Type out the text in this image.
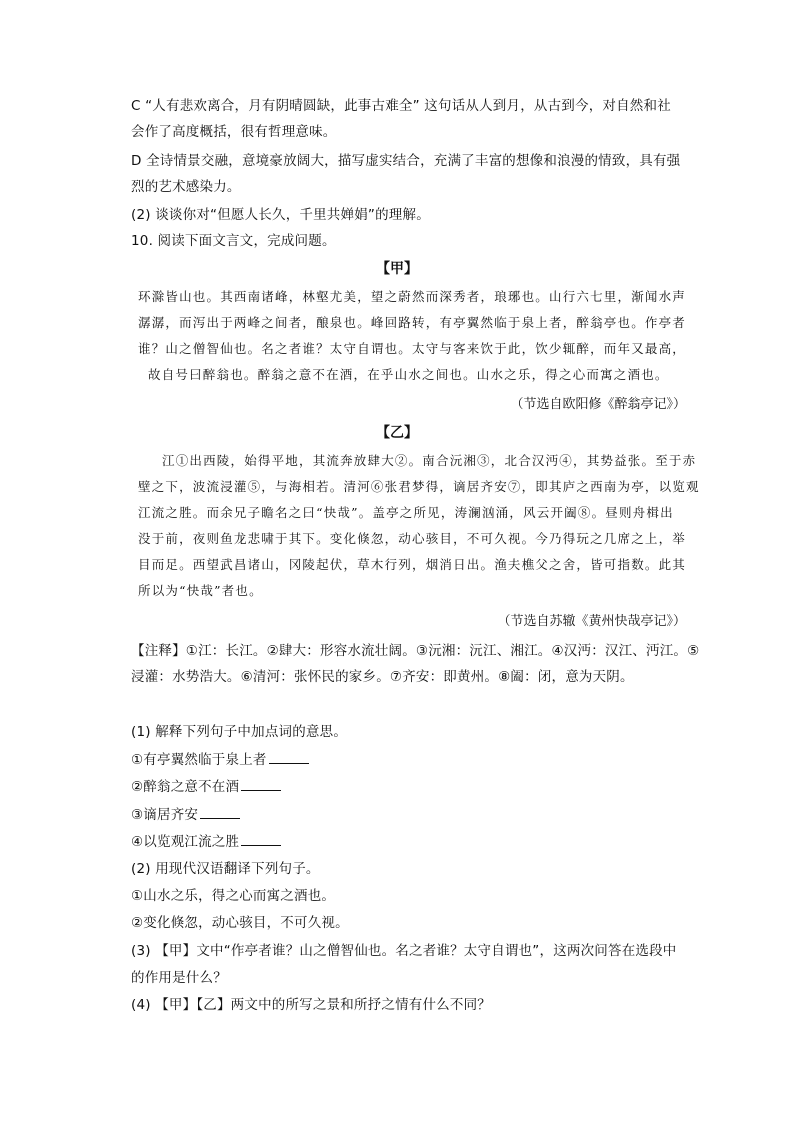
C “人有悲欢离合，月有阴晴圆缺，此事古难全” 这句话从人到月，从古到今，对自然和社
会作了高度概括，很有哲理意味。
D 全诗情景交融，意境豪放阔大，描写虚实结合，充满了丰富的想像和浪漫的情致，具有强
烈的艺术感染力。
(2) 谈谈你对“但愿人长久，千里共婵娟”的理解。
10. 阅读下面文言文，完成问题。
【甲】
环滁皆山也。其西南诸峰，林壑尤美，望之蔚然而深秀者，琅琊也。山行六七里，渐闻水声
潺潺，而泻出于两峰之间者，酿泉也。峰回路转，有亭翼然临于泉上者，醉翁亭也。作亭者
谁？山之僧智仙也。名之者谁？太守自谓也。太守与客来饮于此，饮少辄醉，而年又最高，
故自号曰醉翁也。醉翁之意不在酒，在乎山水之间也。山水之乐，得之心而寓之酒也。
（节选自欧阳修《醉翁亭记》）
【乙】
江①出西陵，始得平地，其流奔放肆大②。南合沅湘③，北合汉沔④，其势益张。至于赤
壁之下，波流浸灌⑤，与海相若。清河⑥张君梦得，谪居齐安⑦，即其庐之西南为亭，以览观
江流之胜。而余兄子瞻名之曰“快哉”。盖亭之所见，涛澜汹涌，风云开阖⑧。昼则舟楫出
没于前，夜则鱼龙悲啸于其下。变化倏忽，动心骇目，不可久视。今乃得玩之几席之上，举
目而足。西望武昌诸山，冈陵起伏，草木行列，烟消日出。渔夫樵父之舍，皆可指数。此其
所以为“快哉”者也。
（节选自苏辙《黄州快哉亭记》）
【注释】①江：长江。②肆大：形容水流壮阔。③沅湘：沅江、湘江。④汉沔：汉江、沔江。⑤
浸灌：水势浩大。⑥清河：张怀民的家乡。⑦齐安：即黄州。⑧阖：闭，意为天阴。
(1) 解释下列句子中加点词的意思。
①有亭翼然临于泉上者
②醉翁之意不在酒
③谪居齐安
④以览观江流之胜
(2) 用现代汉语翻译下列句子。
①山水之乐，得之心而寓之酒也。
②变化倏忽，动心骇目，不可久视。
(3) 【甲】文中“作亭者谁？山之僧智仙也。名之者谁？太守自谓也”，这两次问答在选段中
的作用是什么？
(4) 【甲】【乙】两文中的所写之景和所抒之情有什么不同？
